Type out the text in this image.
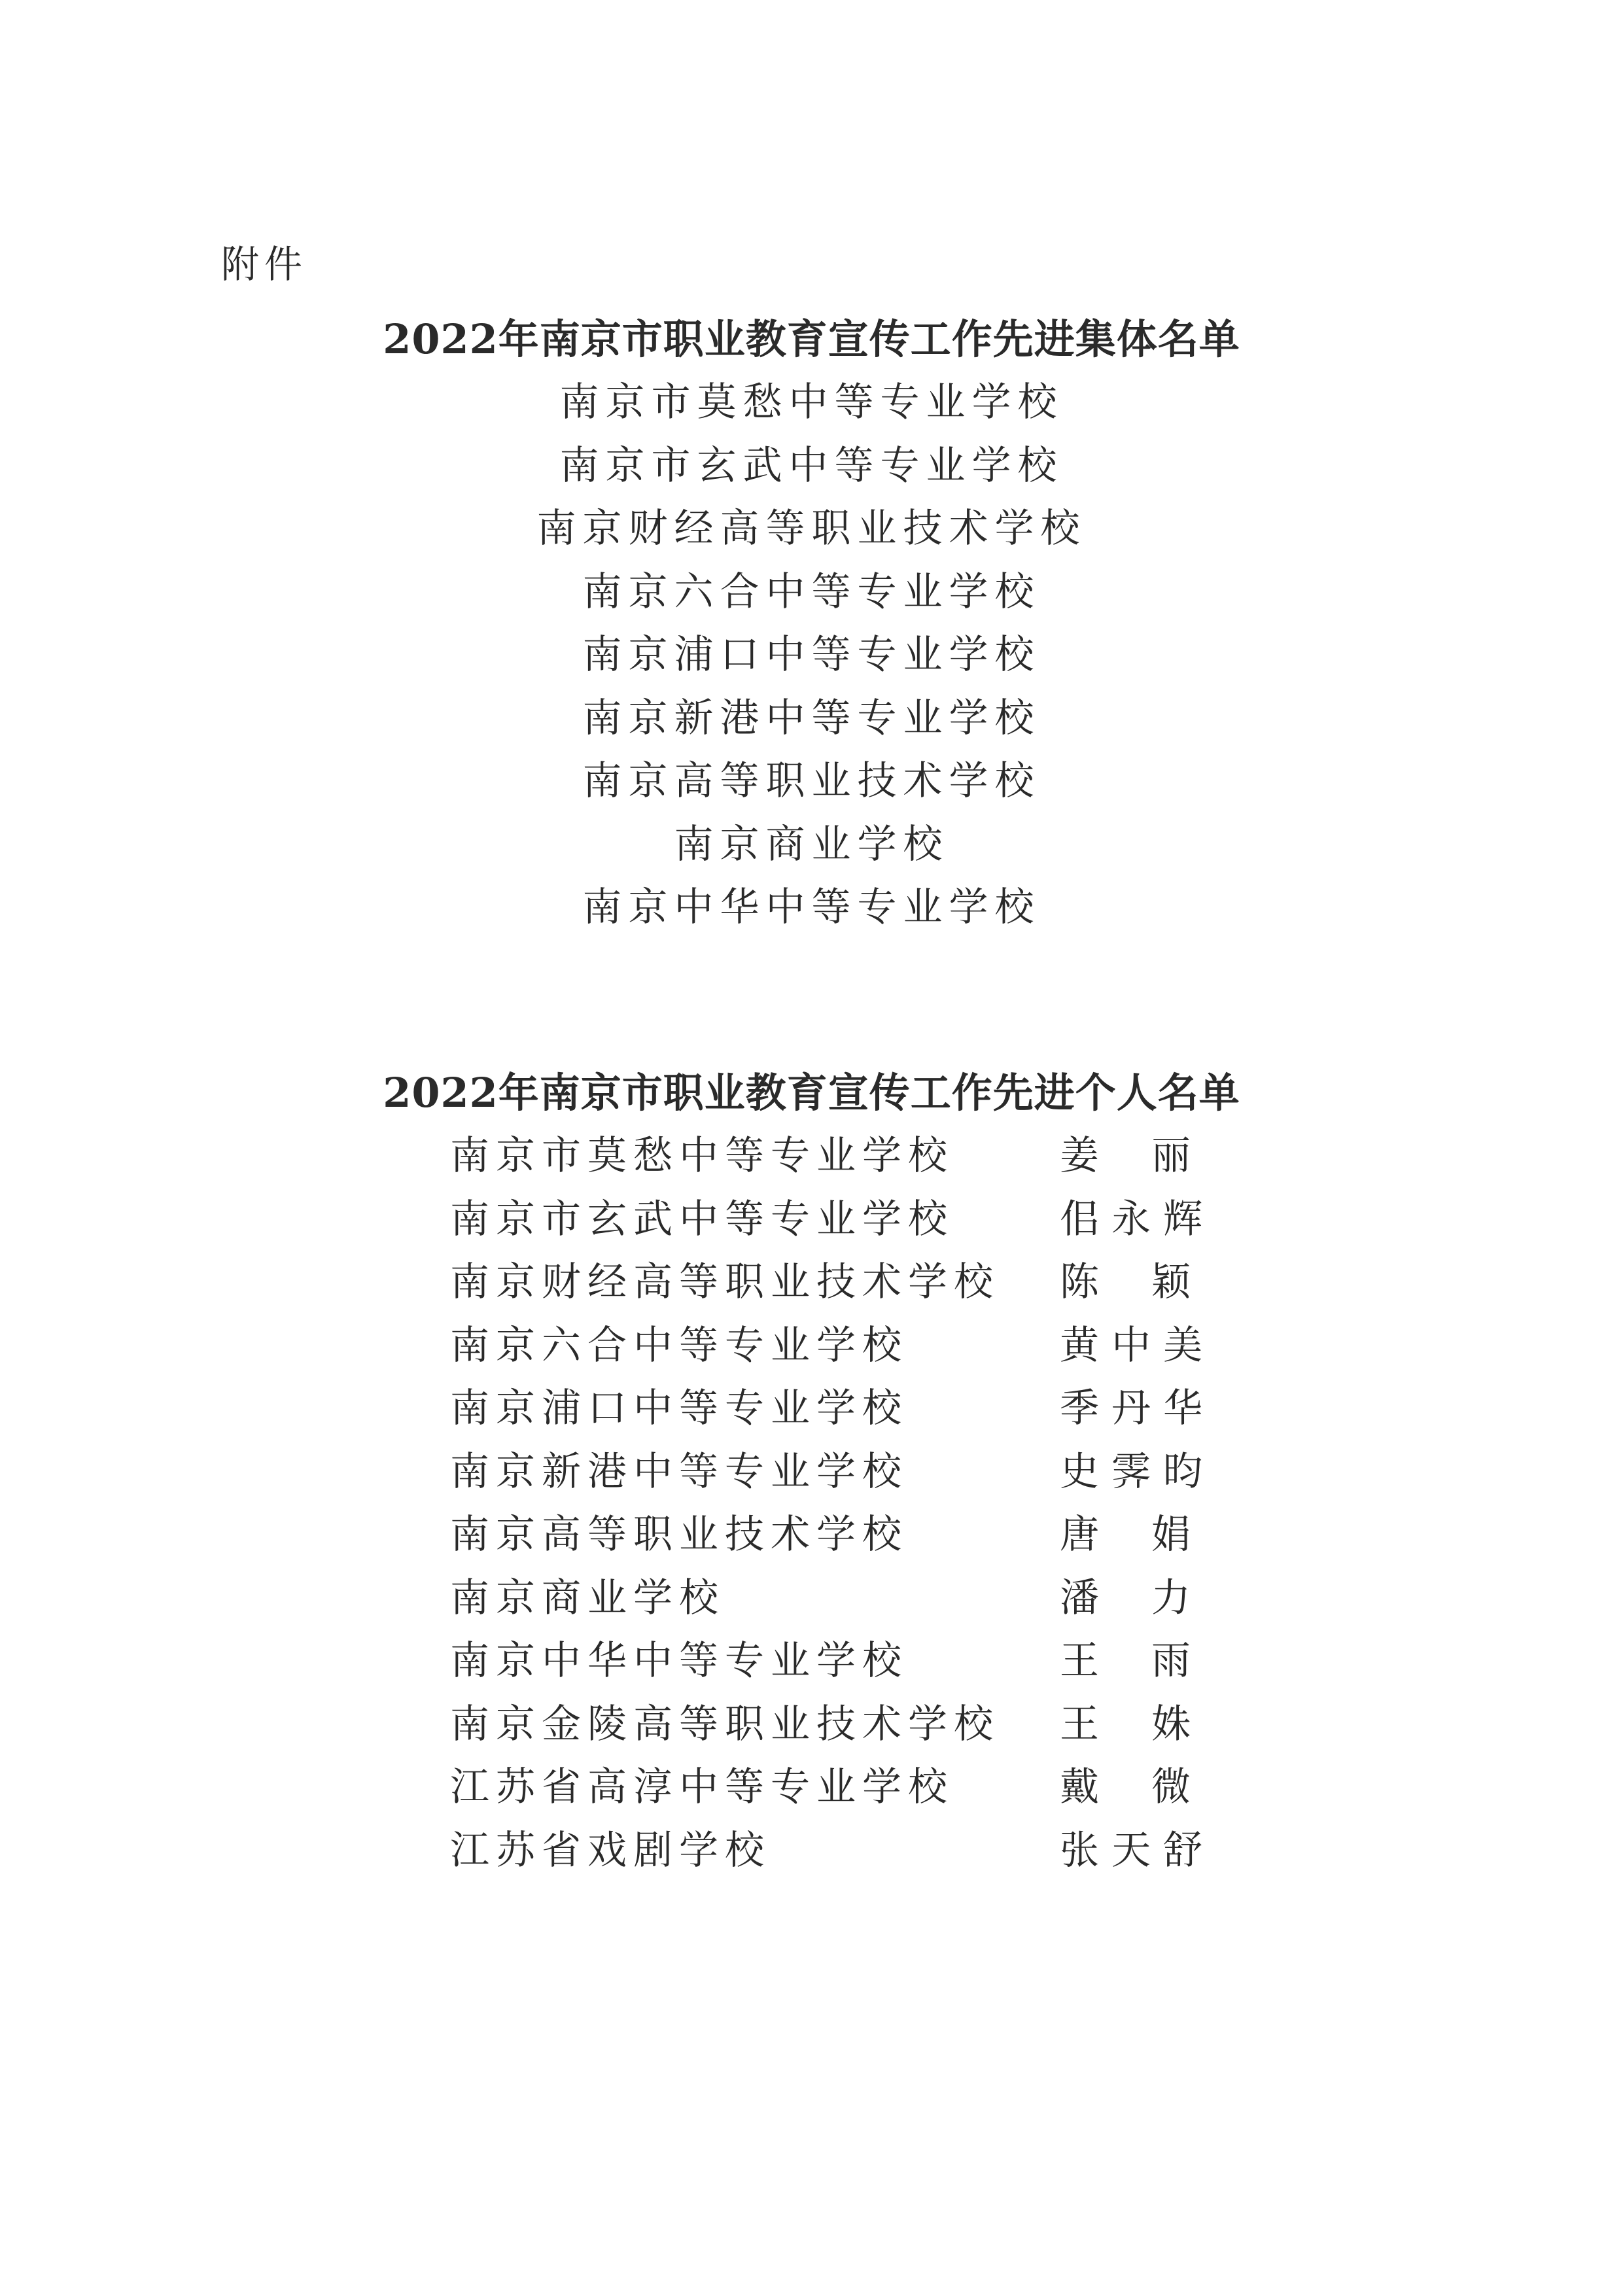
附件
2022年南京市职业教育宣传工作先进集体名单
南京市莫愁中等专业学校
南京市玄武中等专业学校
南京财经高等职业技术学校
南京六合中等专业学校
南京浦口中等专业学校
南京新港中等专业学校
南京高等职业技术学校
南京商业学校
南京中华中等专业学校
2022年南京市职业教育宣传工作先进个人名单
南京市莫愁中等专业学校	姜 丽
南京市玄武中等专业学校	佀 永 辉
南京财经高等职业技术学校 陈 颖
南京六合中等专业学校	黄 中 美
南京浦口中等专业学校	季 丹 华
南京新港中等专业学校	史 霁 昀
南京高等职业技术学校	唐 娟
南京商业学校	潘 力
南京中华中等专业学校	王 雨
南京金陵高等职业技术学校 王 姝
江苏省高淳中等专业学校	戴 微
江苏省戏剧学校	张 天 舒
